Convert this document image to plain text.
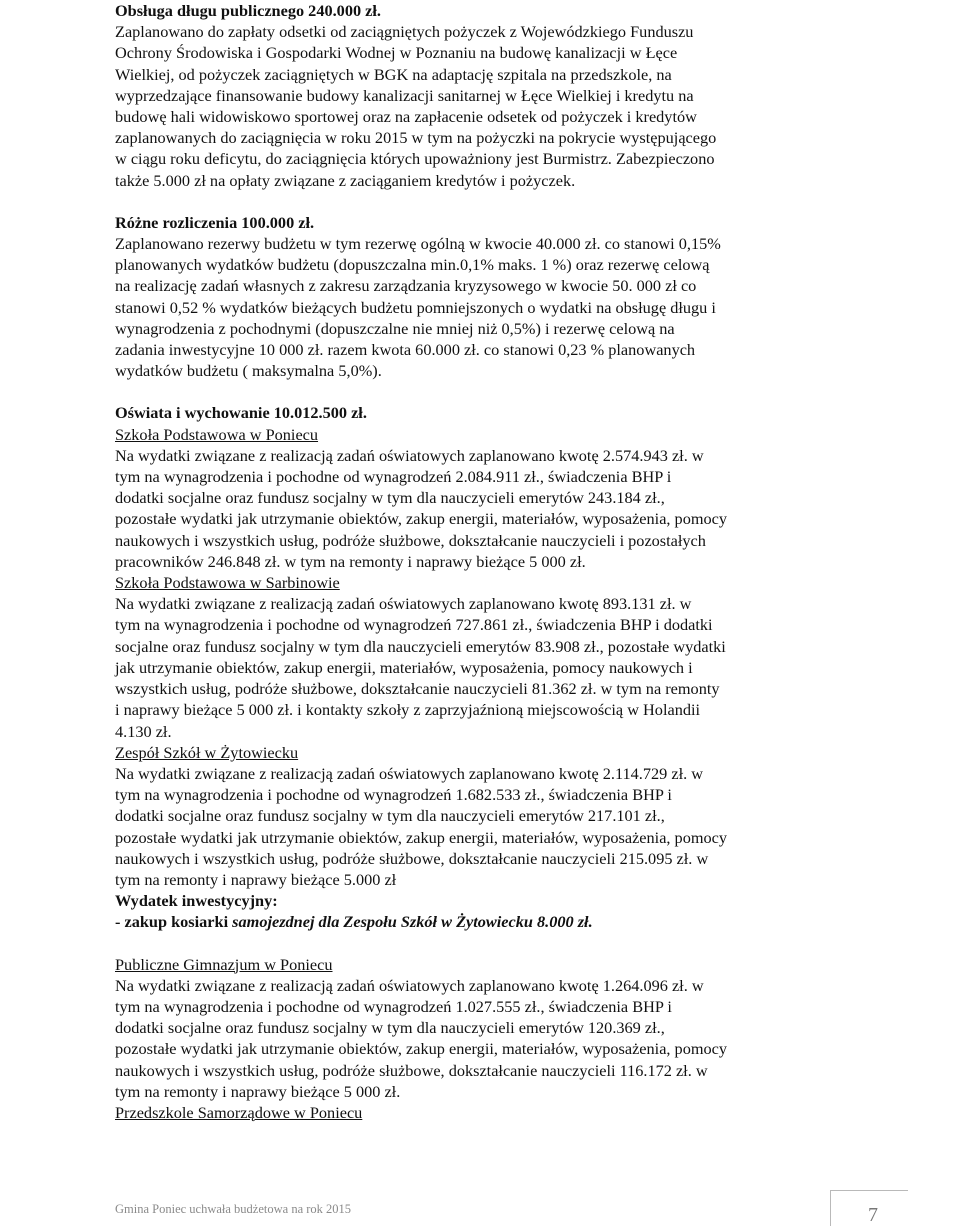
Obsługa długu publicznego 240.000 zł.

Zaplanowano do zapłaty odsetki od zaciągniętych pożyczek z Wojewódzkiego Funduszu

Ochrony Środowiska i Gospodarki Wodnej w Poznaniu na budowę kanalizacji w Łęce

Wielkiej, od pożyczek zaciągniętych w BGK na adaptację szpitala na przedszkole, na

wyprzedzające finansowanie budowy kanalizacji sanitarnej w Łęce Wielkiej i kredytu na

budowę hali widowiskowo sportowej oraz na zapłacenie odsetek od pożyczek i kredytów

zaplanowanych do zaciągnięcia w roku 2015 w tym na pożyczki na pokrycie występującego

w ciągu roku deficytu, do zaciągnięcia których upoważniony jest Burmistrz. Zabezpieczono

także 5.000 zł na opłaty związane z zaciąganiem kredytów i pożyczek.

Różne rozliczenia 100.000 zł.

Zaplanowano rezerwy budżetu w tym rezerwę ogólną w kwocie 40.000 zł. co stanowi 0,15%

planowanych wydatków budżetu (dopuszczalna min.0,1% maks. 1 %) oraz rezerwę celową

na realizację zadań własnych z zakresu zarządzania kryzysowego w kwocie 50. 000 zł co

stanowi 0,52 % wydatków bieżących budżetu pomniejszonych o wydatki na obsługę długu i

wynagrodzenia z pochodnymi (dopuszczalne nie mniej niż 0,5%) i rezerwę celową na

zadania inwestycyjne 10 000 zł. razem kwota 60.000 zł. co stanowi 0,23 % planowanych

wydatków budżetu ( maksymalna 5,0%).

Oświata i wychowanie 10.012.500 zł.

Szkoła Podstawowa w Poniecu

Na wydatki związane z realizacją zadań oświatowych zaplanowano kwotę 2.574.943 zł. w

tym na wynagrodzenia i pochodne od wynagrodzeń 2.084.911 zł., świadczenia BHP i

dodatki socjalne oraz fundusz socjalny w tym dla nauczycieli emerytów 243.184 zł.,

pozostałe wydatki jak utrzymanie obiektów, zakup energii, materiałów, wyposażenia, pomocy

naukowych i wszystkich usług, podróże służbowe, dokształcanie nauczycieli i pozostałych

pracowników 246.848 zł. w tym na remonty i naprawy bieżące 5 000 zł.

Szkoła Podstawowa w Sarbinowie

Na wydatki związane z realizacją zadań oświatowych zaplanowano kwotę 893.131 zł. w

tym na wynagrodzenia i pochodne od wynagrodzeń 727.861 zł., świadczenia BHP i dodatki

socjalne oraz fundusz socjalny w tym dla nauczycieli emerytów 83.908 zł., pozostałe wydatki

jak utrzymanie obiektów, zakup energii, materiałów, wyposażenia, pomocy naukowych i

wszystkich usług, podróże służbowe, dokształcanie nauczycieli 81.362 zł. w tym na remonty

i naprawy bieżące 5 000 zł. i kontakty szkoły z zaprzyjaźnioną miejscowością w Holandii

4.130 zł.

Zespół Szkół w Żytowiecku

Na wydatki związane z realizacją zadań oświatowych zaplanowano kwotę 2.114.729 zł. w

tym na wynagrodzenia i pochodne od wynagrodzeń 1.682.533 zł., świadczenia BHP i

dodatki socjalne oraz fundusz socjalny w tym dla nauczycieli emerytów 217.101 zł.,

pozostałe wydatki jak utrzymanie obiektów, zakup energii, materiałów, wyposażenia, pomocy

naukowych i wszystkich usług, podróże służbowe, dokształcanie nauczycieli 215.095 zł. w

tym na remonty i naprawy bieżące 5.000 zł

Wydatek inwestycyjny:

- zakup kosiarki samojezdnej dla Zespołu Szkół w Żytowiecku 8.000 zł.

Publiczne Gimnazjum w Poniecu

Na wydatki związane z realizacją zadań oświatowych zaplanowano kwotę 1.264.096 zł. w

tym na wynagrodzenia i pochodne od wynagrodzeń 1.027.555 zł., świadczenia BHP i

dodatki socjalne oraz fundusz socjalny w tym dla nauczycieli emerytów 120.369 zł.,

pozostałe wydatki jak utrzymanie obiektów, zakup energii, materiałów, wyposażenia, pomocy

naukowych i wszystkich usług, podróże służbowe, dokształcanie nauczycieli 116.172 zł. w

tym na remonty i naprawy bieżące 5 000 zł.

Przedszkole Samorządowe w Poniecu

Gmina Poniec uchwała budżetowa na rok 2015	7
